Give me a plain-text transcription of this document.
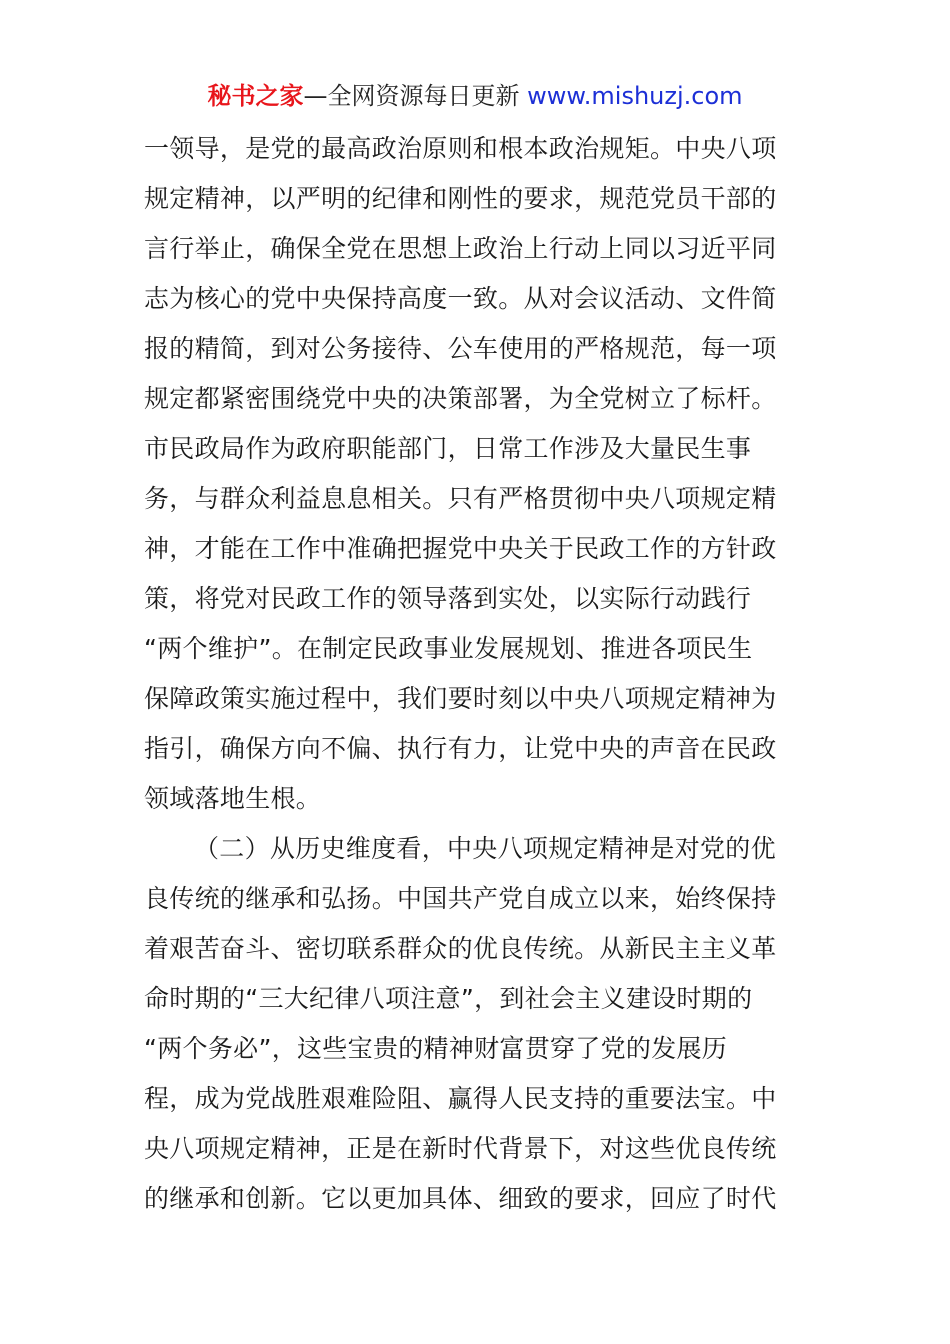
秘书之家—全网资源每日更新 www.mishuzj.com
一领导，是党的最高政治原则和根本政治规矩。中央八项
规定精神，以严明的纪律和刚性的要求，规范党员干部的
言行举止，确保全党在思想上政治上行动上同以习近平同
志为核心的党中央保持高度一致。从对会议活动、文件简
报的精简，到对公务接待、公车使用的严格规范，每一项
规定都紧密围绕党中央的决策部署，为全党树立了标杆。
市民政局作为政府职能部门，日常工作涉及大量民生事
务，与群众利益息息相关。只有严格贯彻中央八项规定精
神，才能在工作中准确把握党中央关于民政工作的方针政
策，将党对民政工作的领导落到实处，以实际行动践行
“两个维护”。在制定民政事业发展规划、推进各项民生
保障政策实施过程中，我们要时刻以中央八项规定精神为
指引，确保方向不偏、执行有力，让党中央的声音在民政
领域落地生根。
（二）从历史维度看，中央八项规定精神是对党的优
良传统的继承和弘扬。中国共产党自成立以来，始终保持
着艰苦奋斗、密切联系群众的优良传统。从新民主主义革
命时期的“三大纪律八项注意”，到社会主义建设时期的
“两个务必”，这些宝贵的精神财富贯穿了党的发展历
程，成为党战胜艰难险阻、赢得人民支持的重要法宝。中
央八项规定精神，正是在新时代背景下，对这些优良传统
的继承和创新。它以更加具体、细致的要求，回应了时代
